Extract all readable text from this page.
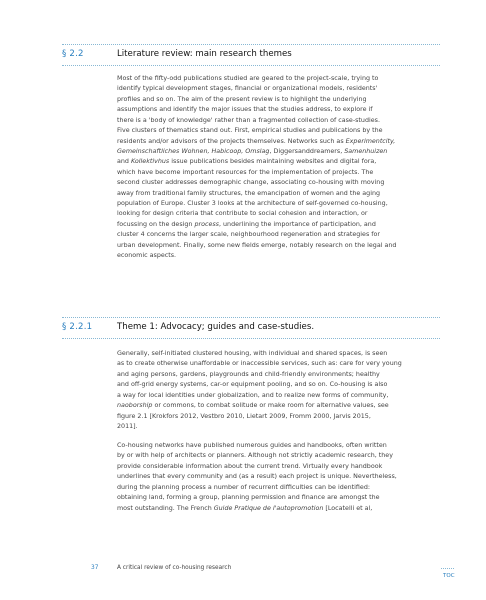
§ 2.2	Literature review: main research themes
Most of the fifty-odd publications studied are geared to the project-scale, trying to
identify typical development stages, financial or organizational models, residents'
profiles and so on. The aim of the present review is to highlight the underlying
assumptions and identify the major issues that the studies address, to explore if
there is a 'body of knowledge' rather than a fragmented collection of case-studies.
Five clusters of thematics stand out. First, empirical studies and publications by the
residents and/or advisors of the projects themselves. Networks such as Experimentcity,
Gemeinschaftliches Wohnen, Habicoop, Omslag, Diggersanddreamers, Samenhuizen
and Kollektivhus issue publications besides maintaining websites and digital fora,
which have become important resources for the implementation of projects. The
second cluster addresses demographic change, associating co-housing with moving
away from traditional family structures, the emancipation of women and the aging
population of Europe. Cluster 3 looks at the architecture of self-governed co-housing,
looking for design criteria that contribute to social cohesion and interaction, or
focussing on the design process, underlining the importance of participation, and
cluster 4 concerns the larger scale, neighbourhood regeneration and strategies for
urban development. Finally, some new fields emerge, notably research on the legal and
economic aspects.
§ 2.2.1	Theme 1: Advocacy; guides and case-studies.
Generally, self-initiated clustered housing, with individual and shared spaces, is seen
as to create otherwise unaffordable or inaccessible services, such as: care for very young
and aging persons, gardens, playgrounds and child-friendly environments; healthy
and off-grid energy systems, car-or equipment pooling, and so on. Co-housing is also
a way for local identities under globalization, and to realize new forms of community,
naoborship or commons, to combat solitude or make room for alternative values, see
figure 2.1 [Krokfors 2012, Vestbro 2010, Lietart 2009, Fromm 2000, Jarvis 2015,
2011].
Co-housing networks have published numerous guides and handbooks, often written
by or with help of architects or planners. Although not strictly academic research, they
provide considerable information about the current trend. Virtually every handbook
underlines that every community and (as a result) each project is unique. Nevertheless,
during the planning process a number of recurrent difficulties can be identified:
obtaining land, forming a group, planning permission and finance are amongst the
most outstanding. The French Guide Pratique de l'autopromotion [Locatelli et al,
37	A critical review of co-housing research
TOC
